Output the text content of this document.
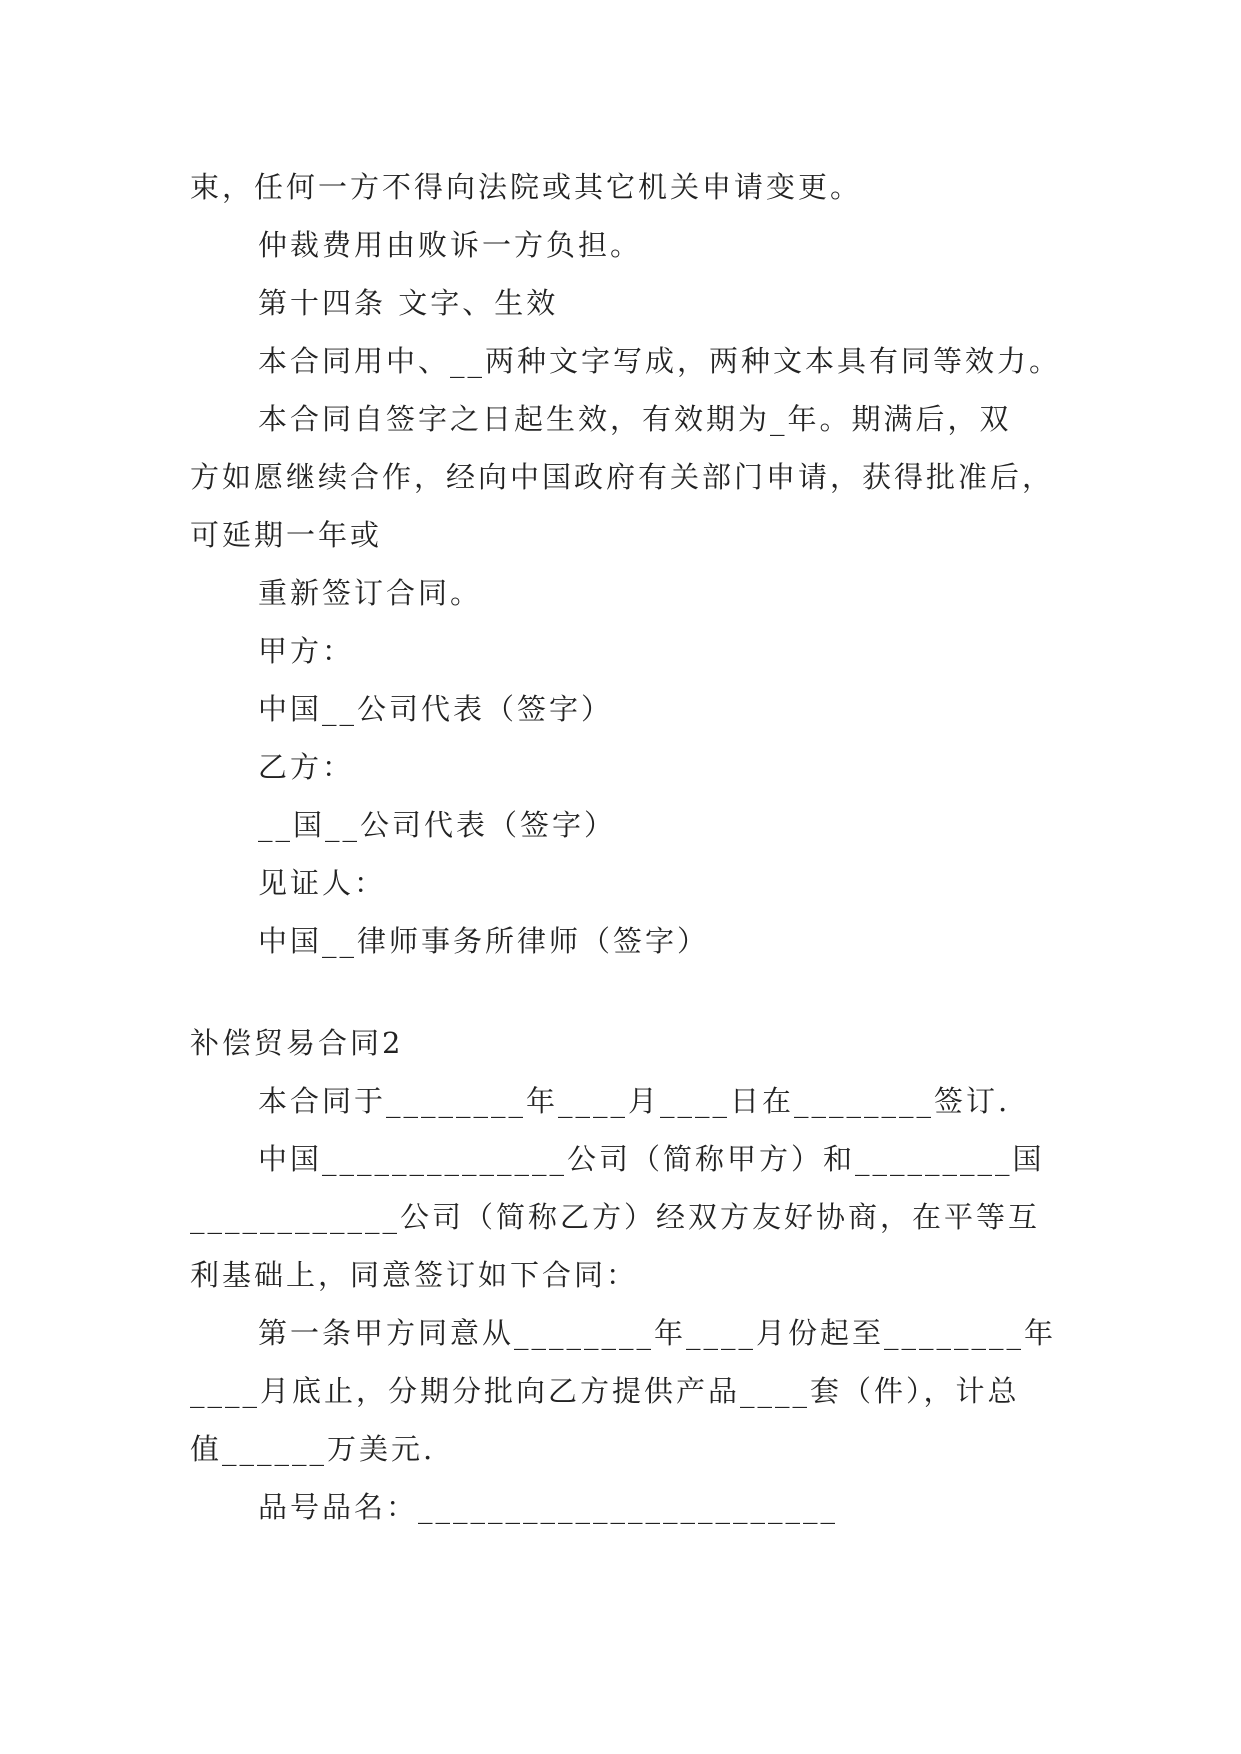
束，任何一方不得向法院或其它机关申请变更。
仲裁费用由败诉一方负担。
第十四条 文字、生效
本合同用中、__两种文字写成，两种文本具有同等效力。
本合同自签字之日起生效，有效期为_年。期满后，双
方如愿继续合作，经向中国政府有关部门申请，获得批准后，
可延期一年或
重新签订合同。
甲方：
中国__公司代表（签字）
乙方：
__国__公司代表（签字）
见证人：
中国__律师事务所律师（签字）
补偿贸易合同2
本合同于________年____月____日在________签订.
中国______________公司（简称甲方）和_________国
____________公司（简称乙方）经双方友好协商，在平等互
利基础上，同意签订如下合同：
第一条甲方同意从________年____月份起至________年
____月底止，分期分批向乙方提供产品____套（件），计总
值______万美元.
品号品名：________________________
